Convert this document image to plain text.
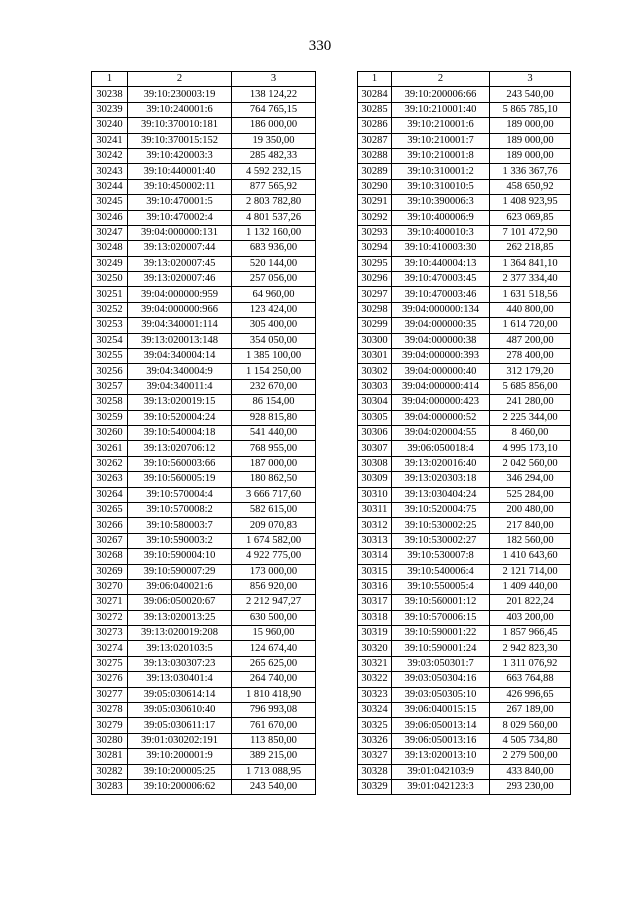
330
1	2	3
30238	39:10:230003:19	138 124,22
30239	39:10:240001:6	764 765,15
30240	39:10:370010:181	186 000,00
30241	39:10:370015:152	19 350,00
30242	39:10:420003:3	285 482,33
30243	39:10:440001:40	4 592 232,15
30244	39:10:450002:11	877 565,92
30245	39:10:470001:5	2 803 782,80
30246	39:10:470002:4	4 801 537,26
30247	39:04:000000:131	1 132 160,00
30248	39:13:020007:44	683 936,00
30249	39:13:020007:45	520 144,00
30250	39:13:020007:46	257 056,00
30251	39:04:000000:959	64 960,00
30252	39:04:000000:966	123 424,00
30253	39:04:340001:114	305 400,00
30254	39:13:020013:148	354 050,00
30255	39:04:340004:14	1 385 100,00
30256	39:04:340004:9	1 154 250,00
30257	39:04:340011:4	232 670,00
30258	39:13:020019:15	86 154,00
30259	39:10:520004:24	928 815,80
30260	39:10:540004:18	541 440,00
30261	39:13:020706:12	768 955,00
30262	39:10:560003:66	187 000,00
30263	39:10:560005:19	180 862,50
30264	39:10:570004:4	3 666 717,60
30265	39:10:570008:2	582 615,00
30266	39:10:580003:7	209 070,83
30267	39:10:590003:2	1 674 582,00
30268	39:10:590004:10	4 922 775,00
30269	39:10:590007:29	173 000,00
30270	39:06:040021:6	856 920,00
30271	39:06:050020:67	2 212 947,27
30272	39:13:020013:25	630 500,00
30273	39:13:020019:208	15 960,00
30274	39:13:020103:5	124 674,40
30275	39:13:030307:23	265 625,00
30276	39:13:030401:4	264 740,00
30277	39:05:030614:14	1 810 418,90
30278	39:05:030610:40	796 993,08
30279	39:05:030611:17	761 670,00
30280	39:01:030202:191	113 850,00
30281	39:10:200001:9	389 215,00
30282	39:10:200005:25	1 713 088,95
30283	39:10:200006:62	243 540,00
1	2	3
30284	39:10:200006:66	243 540,00
30285	39:10:210001:40	5 865 785,10
30286	39:10:210001:6	189 000,00
30287	39:10:210001:7	189 000,00
30288	39:10:210001:8	189 000,00
30289	39:10:310001:2	1 336 367,76
30290	39:10:310010:5	458 650,92
30291	39:10:390006:3	1 408 923,95
30292	39:10:400006:9	623 069,85
30293	39:10:400010:3	7 101 472,90
30294	39:10:410003:30	262 218,85
30295	39:10:440004:13	1 364 841,10
30296	39:10:470003:45	2 377 334,40
30297	39:10:470003:46	1 631 518,56
30298	39:04:000000:134	440 800,00
30299	39:04:000000:35	1 614 720,00
30300	39:04:000000:38	487 200,00
30301	39:04:000000:393	278 400,00
30302	39:04:000000:40	312 179,20
30303	39:04:000000:414	5 685 856,00
30304	39:04:000000:423	241 280,00
30305	39:04:000000:52	2 225 344,00
30306	39:04:020004:55	8 460,00
30307	39:06:050018:4	4 995 173,10
30308	39:13:020016:40	2 042 560,00
30309	39:13:020303:18	346 294,00
30310	39:13:030404:24	525 284,00
30311	39:10:520004:75	200 480,00
30312	39:10:530002:25	217 840,00
30313	39:10:530002:27	182 560,00
30314	39:10:530007:8	1 410 643,60
30315	39:10:540006:4	2 121 714,00
30316	39:10:550005:4	1 409 440,00
30317	39:10:560001:12	201 822,24
30318	39:10:570006:15	403 200,00
30319	39:10:590001:22	1 857 966,45
30320	39:10:590001:24	2 942 823,30
30321	39:03:050301:7	1 311 076,92
30322	39:03:050304:16	663 764,88
30323	39:03:050305:10	426 996,65
30324	39:06:040015:15	267 189,00
30325	39:06:050013:14	8 029 560,00
30326	39:06:050013:16	4 505 734,80
30327	39:13:020013:10	2 279 500,00
30328	39:01:042103:9	433 840,00
30329	39:01:042123:3	293 230,00
